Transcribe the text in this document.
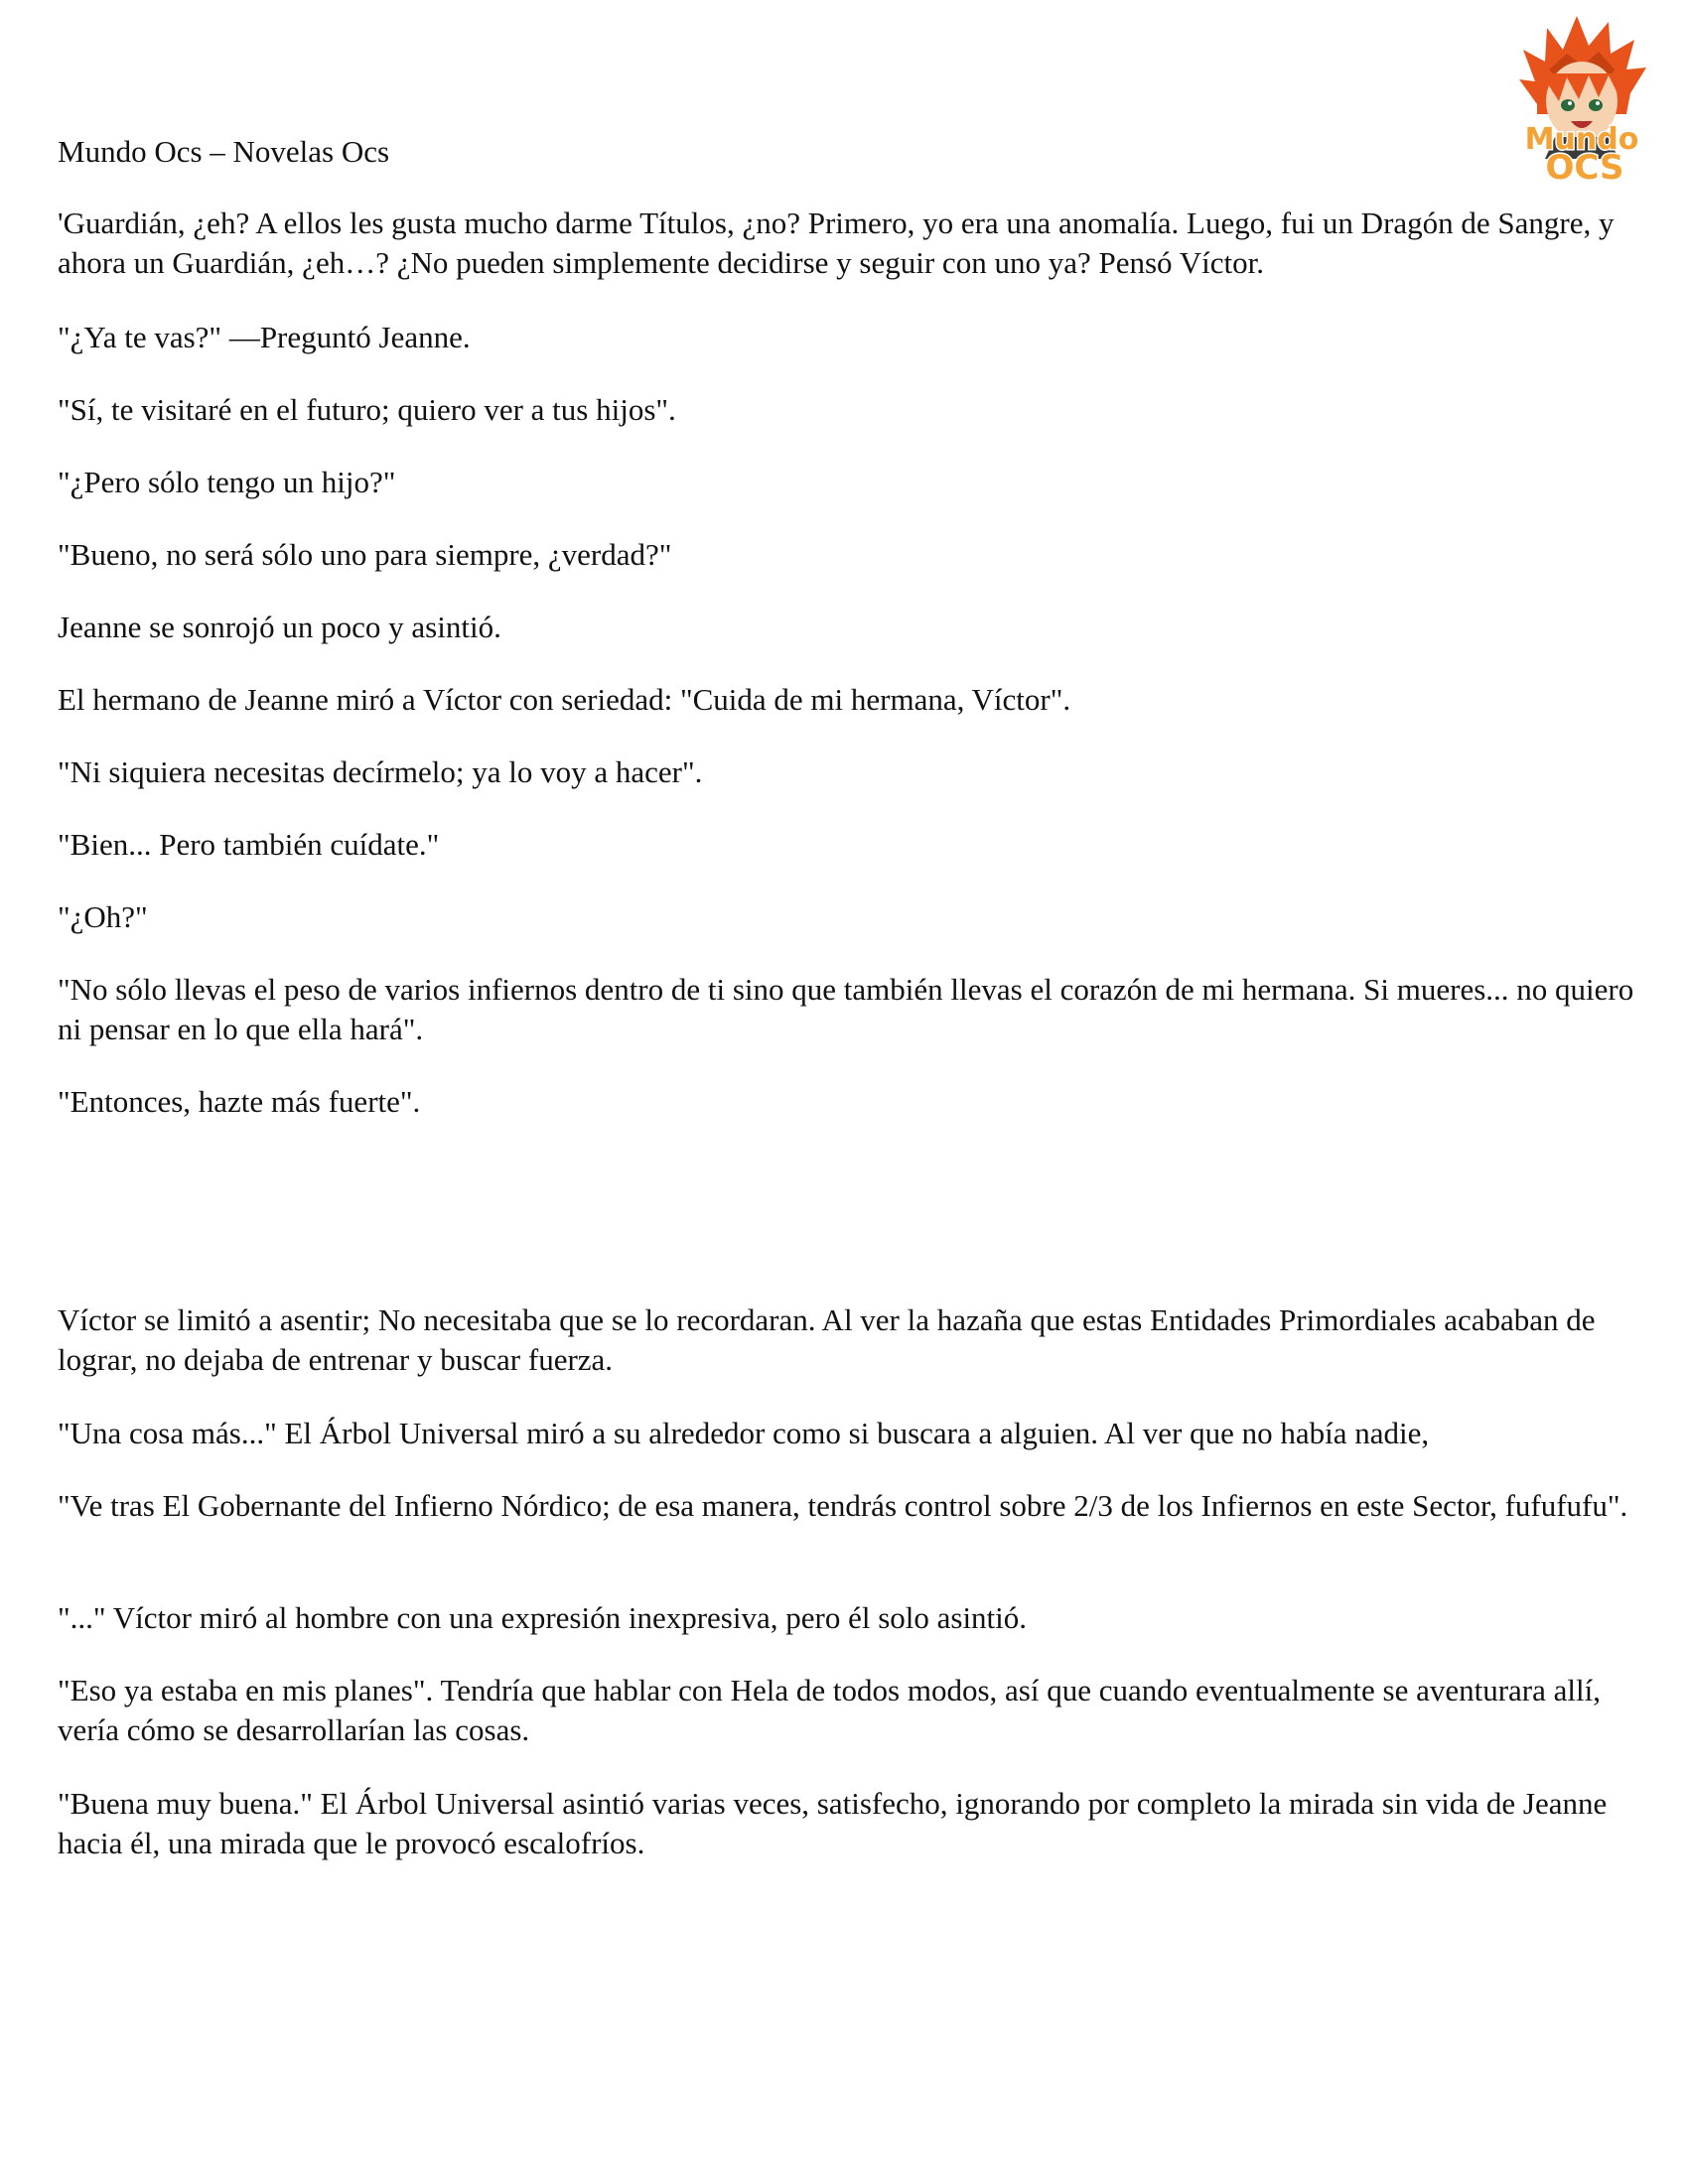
Mundo Ocs – Novelas Ocs	Mundo
OCS

'Guardián, ¿eh? A ellos les gusta mucho darme Títulos, ¿no? Primero, yo era una anomalía. Luego, fui un Dragón de Sangre, y ahora un Guardián, ¿eh…? ¿No pueden simplemente decidirse y seguir con uno ya? Pensó Víctor.

"¿Ya te vas?" —Preguntó Jeanne.

"Sí, te visitaré en el futuro; quiero ver a tus hijos".

"¿Pero sólo tengo un hijo?"

"Bueno, no será sólo uno para siempre, ¿verdad?"

Jeanne se sonrojó un poco y asintió.

El hermano de Jeanne miró a Víctor con seriedad: "Cuida de mi hermana, Víctor".

"Ni siquiera necesitas decírmelo; ya lo voy a hacer".

"Bien... Pero también cuídate."

"¿Oh?"

"No sólo llevas el peso de varios infiernos dentro de ti sino que también llevas el corazón de mi hermana. Si mueres... no quiero ni pensar en lo que ella hará".

"Entonces, hazte más fuerte".

Víctor se limitó a asentir; No necesitaba que se lo recordaran. Al ver la hazaña que estas Entidades Primordiales acababan de lograr, no dejaba de entrenar y buscar fuerza.

"Una cosa más..." El Árbol Universal miró a su alrededor como si buscara a alguien. Al ver que no había nadie,

"Ve tras El Gobernante del Infierno Nórdico; de esa manera, tendrás control sobre 2/3 de los Infiernos en este Sector, fufufufu".

"..." Víctor miró al hombre con una expresión inexpresiva, pero él solo asintió.

"Eso ya estaba en mis planes". Tendría que hablar con Hela de todos modos, así que cuando eventualmente se aventurara allí, vería cómo se desarrollarían las cosas.

"Buena muy buena." El Árbol Universal asintió varias veces, satisfecho, ignorando por completo la mirada sin vida de Jeanne hacia él, una mirada que le provocó escalofríos.
